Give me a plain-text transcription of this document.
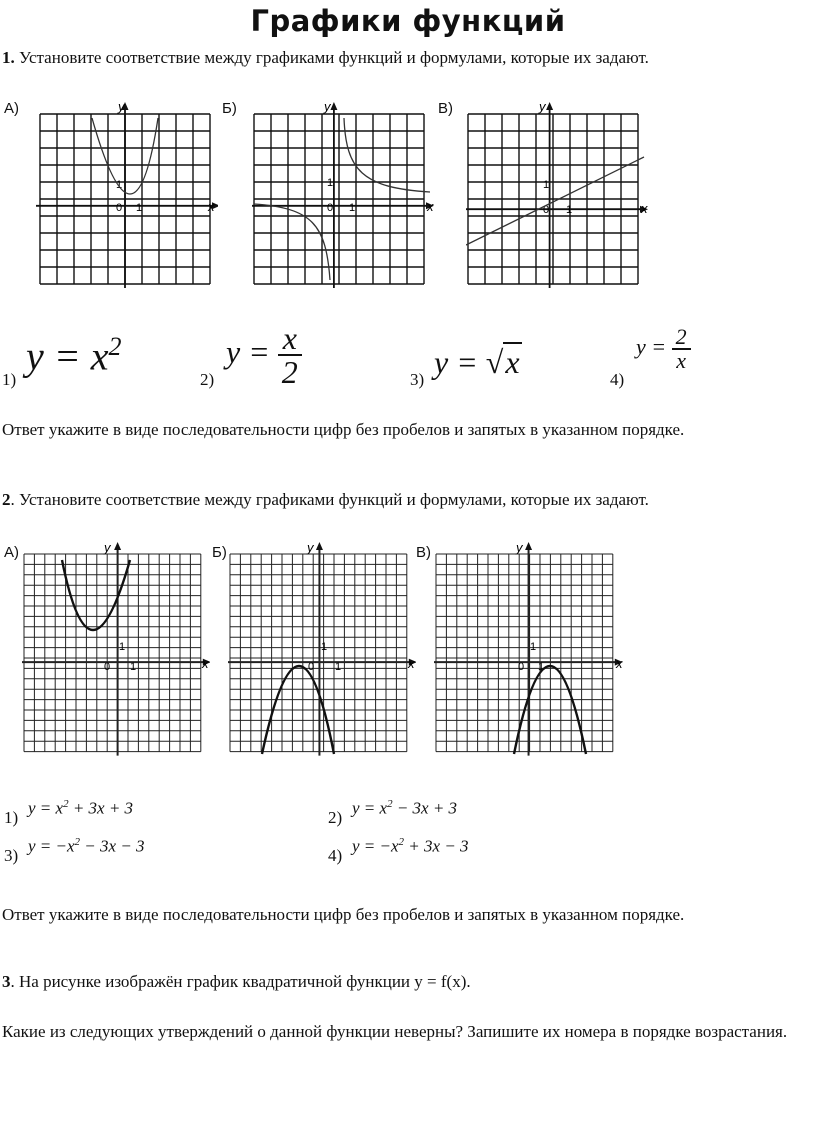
Графики функций
1. Установите соответствие между графиками функций и формулами, которые их задают.
А)	y
x
0
1
1
Б)	y
x
0
1
1
В)	y
x
0
1
1
1)
$y = x^2$
2)
$y = \frac{x}{2}$	3) y = √x	4)
$y = \frac{2}{x}$
Ответ укажите в виде последовательности цифр без пробелов и запятых в указанном порядке.
2. Установите соответствие между графиками функций и формулами, которые их задают.
А)	y
x
0
1
1
Б)	y
x
0
1
1
В)	y
x
0
1
1
1) $y = x^2 + 3x + 3$	2) $y = x^2 - 3x + 3$
3) $y = -x^2 - 3x - 3$	4) $y = -x^2 + 3x - 3$
Ответ укажите в виде последовательности цифр без пробелов и запятых в указанном порядке.
3. На рисунке изображён график квадратичной функции y = f(x).
Какие из следующих утверждений о данной функции неверны? Запишите их номера в порядке возрастания.
